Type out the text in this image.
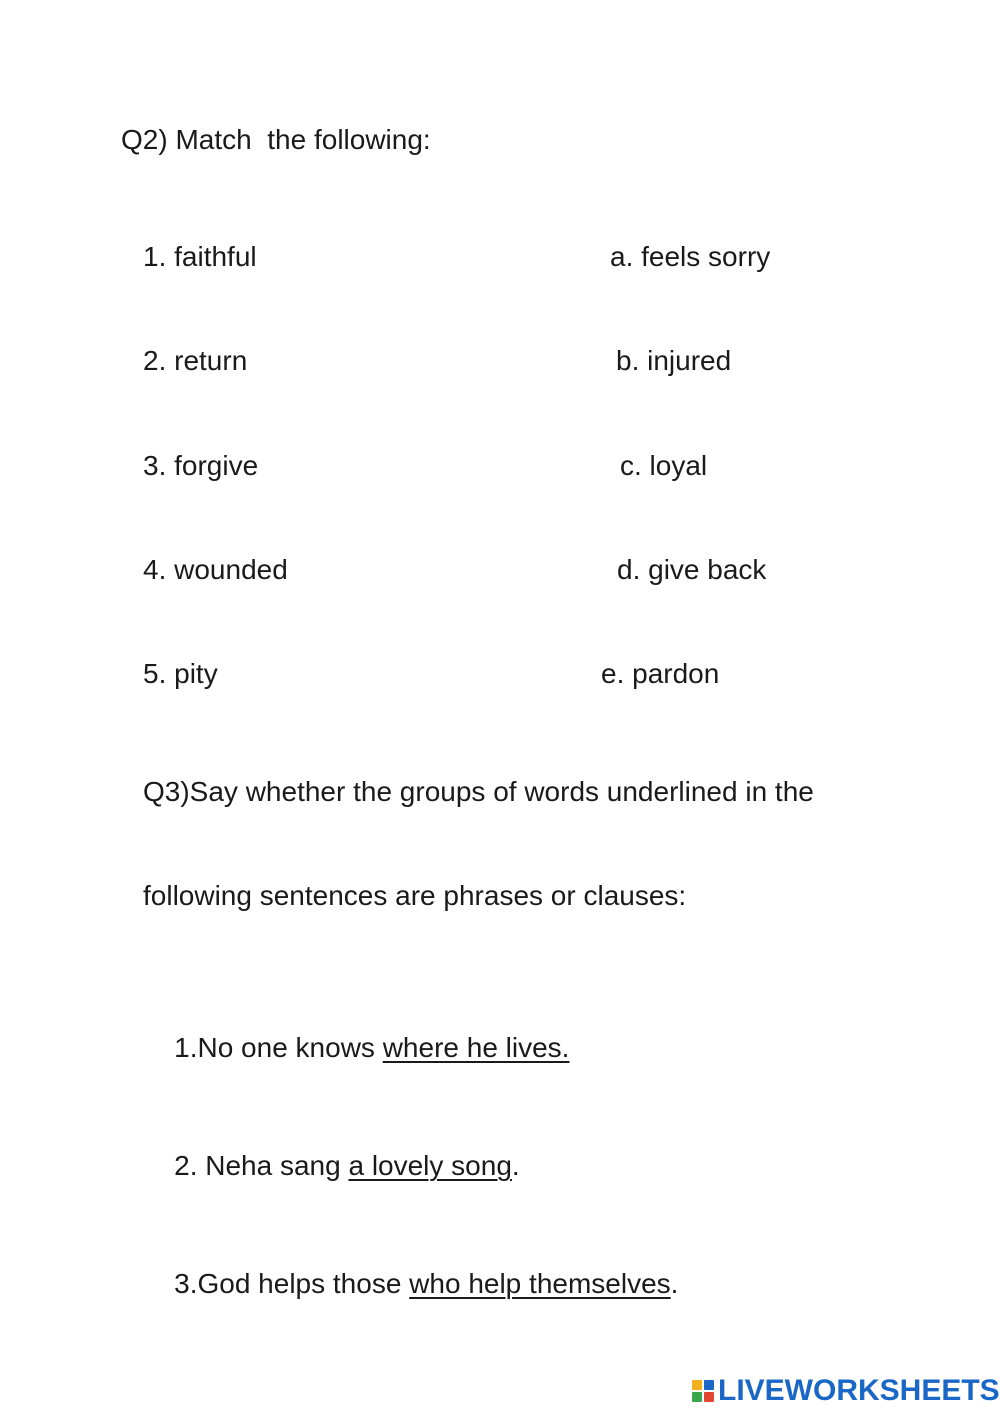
Q2) Match  the following:
1. faithful	a. feels sorry
2. return	b. injured
3. forgive	c. loyal
4. wounded	d. give back
5. pity	e. pardon
Q3)Say whether the groups of words underlined in the
following sentences are phrases or clauses:

1.No one knows where he lives.

2. Neha sang a lovely song.

3.God helps those who help themselves.

LIVEWORKSHEETS
